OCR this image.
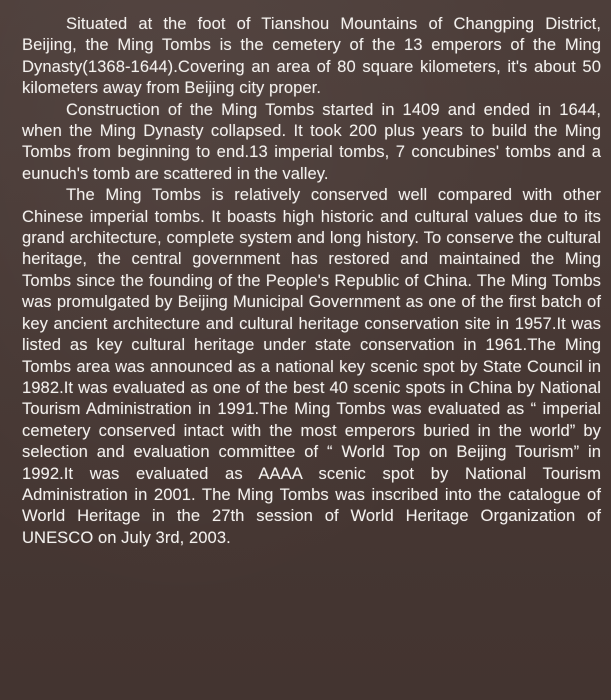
Situated at the foot of Tianshou Mountains of Changping District, Beijing, the Ming Tombs is the cemetery of the 13 emperors of the Ming Dynasty(1368-1644).Covering an area of 80 square kilometers, it's about 50 kilometers away from Beijing city proper.

Construction of the Ming Tombs started in 1409 and ended in 1644, when the Ming Dynasty collapsed. It took 200 plus years to build the Ming Tombs from beginning to end.13 imperial tombs, 7 concubines' tombs and a eunuch's tomb are scattered in the valley.

The Ming Tombs is relatively conserved well compared with other Chinese imperial tombs. It boasts high historic and cultural values due to its grand architecture, complete system and long history. To conserve the cultural heritage, the central government has restored and maintained the Ming Tombs since the founding of the People's Republic of China. The Ming Tombs was promulgated by Beijing Municipal Government as one of the first batch of key ancient architecture and cultural heritage conservation site in 1957.It was listed as key cultural heritage under state conservation in 1961.The Ming Tombs area was announced as a national key scenic spot by State Council in 1982.It was evaluated as one of the best 40 scenic spots in China by National Tourism Administration in 1991.The Ming Tombs was evaluated as “ imperial cemetery conserved intact with the most emperors buried in the world” by selection and evaluation committee of “ World Top on Beijing Tourism” in 1992.It was evaluated as AAAA scenic spot by National Tourism Administration in 2001. The Ming Tombs was inscribed into the catalogue of World Heritage in the 27th session of World Heritage Organization of UNESCO on July 3rd, 2003.
